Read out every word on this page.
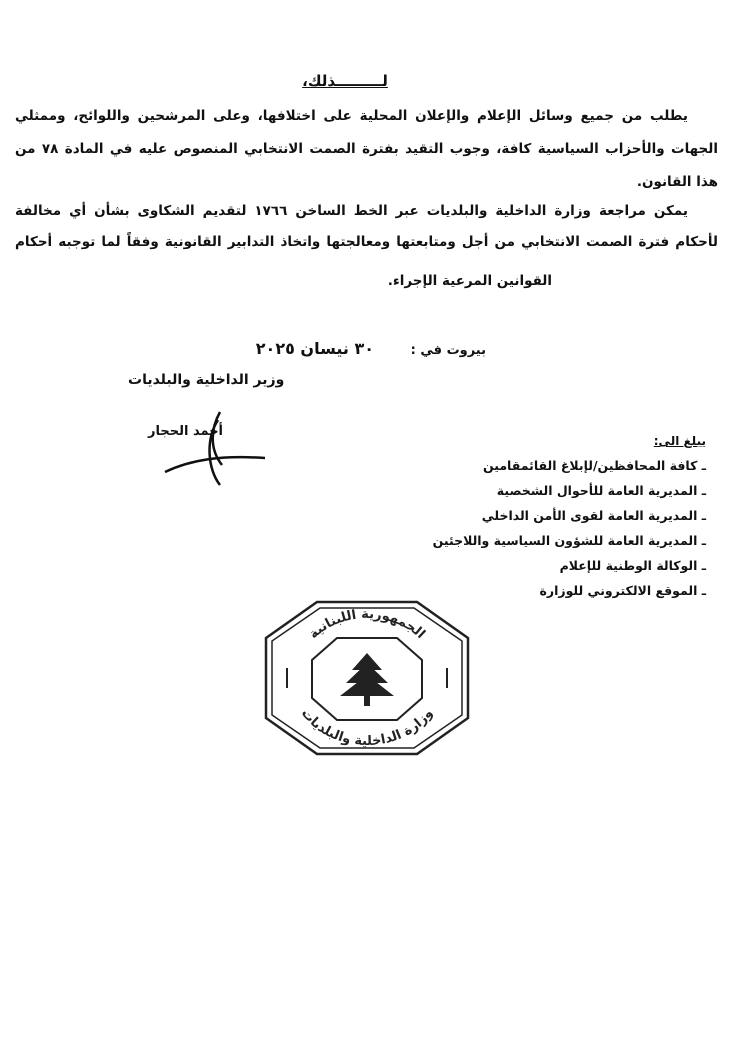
لـــــــــذلك،
يطلب من جميع وسائل الإعلام والإعلان المحلية على اختلافها، وعلى المرشحين واللوائح، وممثلي
الجهات والأحزاب السياسية كافة، وجوب التقيد بفترة الصمت الانتخابي المنصوص عليه في المادة ٧٨ من
هذا القانون.
يمكن مراجعة وزارة الداخلية والبلديات عبر الخط الساخن ١٧٦٦ لتقديم الشكاوى بشأن أي مخالفة
لأحكام فترة الصمت الانتخابي من أجل ومتابعتها ومعالجتها واتخاذ التدابير القانونية وفقاً لما توجبه أحكام
القوانين المرعية الإجراء.
بيروت في :
٣٠ نيسان ٢٠٢٥
وزير الداخلية والبلديات
أحمد الحجار
يبلغ الى:
ـ كافة المحافظين/لإبلاغ القائمقامين
ـ المديرية العامة للأحوال الشخصية
ـ المديرية العامة لقوى الأمن الداخلي
ـ المديرية العامة للشؤون السياسية واللاجئين
ـ الوكالة الوطنية للإعلام
ـ الموقع الالكتروني للوزارة
الجمهورية اللبنانية
وزارة الداخلية والبلديات
